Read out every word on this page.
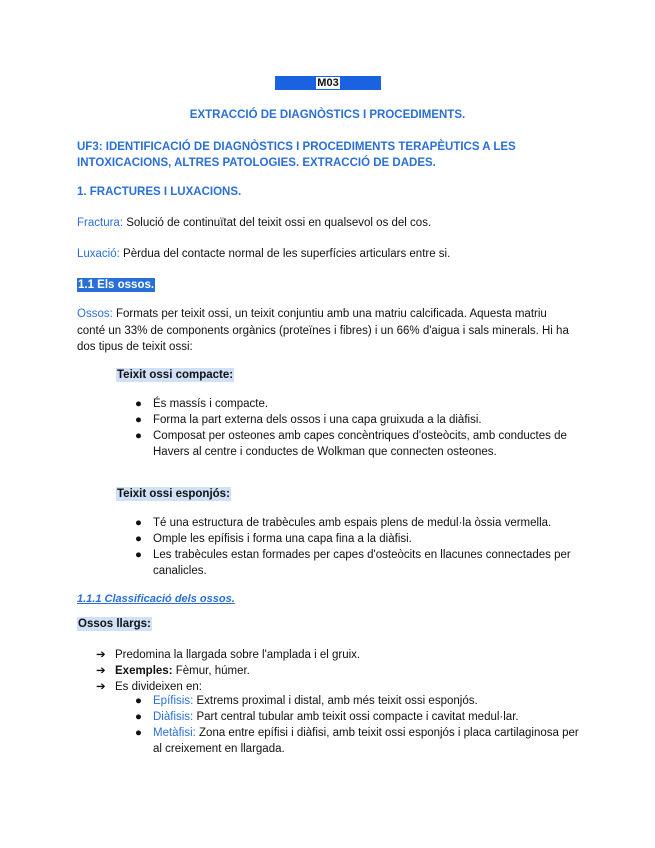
M03
EXTRACCIÓ DE DIAGNÒSTICS I PROCEDIMENTS.
UF3: IDENTIFICACIÓ DE DIAGNÒSTICS I PROCEDIMENTS TERAPÈUTICS A LES INTOXICACIONS, ALTRES PATOLOGIES. EXTRACCIÓ DE DADES.
1. FRACTURES I LUXACIONS.
Fractura: Solució de continuïtat del teixit ossi en qualsevol os del cos.
Luxació: Pèrdua del contacte normal de les superfícies articulars entre si.
1.1 Els ossos.
Ossos: Formats per teixit ossi, un teixit conjuntiu amb una matriu calcificada. Aquesta matriu conté un 33% de components orgànics (proteïnes i fibres) i un 66% d'aigua i sals minerals. Hi ha dos tipus de teixit ossi:
Teixit ossi compacte:
● És massís i compacte.
● Forma la part externa dels ossos i una capa gruixuda a la diàfisi.
● Composat per osteones amb capes concèntriques d'osteòcits, amb conductes de Havers al centre i conductes de Wolkman que connecten osteones.
Teixit ossi esponjós:
● Té una estructura de trabècules amb espais plens de medul·la òssia vermella.
● Omple les epífisis i forma una capa fina a la diàfisi.
● Les trabècules estan formades per capes d'osteòcits en llacunes connectades per canalicles.
1.1.1 Classificació dels ossos.
Ossos llargs:
➔ Predomina la llargada sobre l'amplada i el gruix.
➔ Exemples: Fèmur, húmer.
➔ Es divideixen en:
● Epífisis: Extrems proximal i distal, amb més teixit ossi esponjós.
● Diàfisis: Part central tubular amb teixit ossi compacte i cavitat medul·lar.
● Metàfisi: Zona entre epífisi i diàfisi, amb teixit ossi esponjós i placa cartilaginosa per al creixement en llargada.
